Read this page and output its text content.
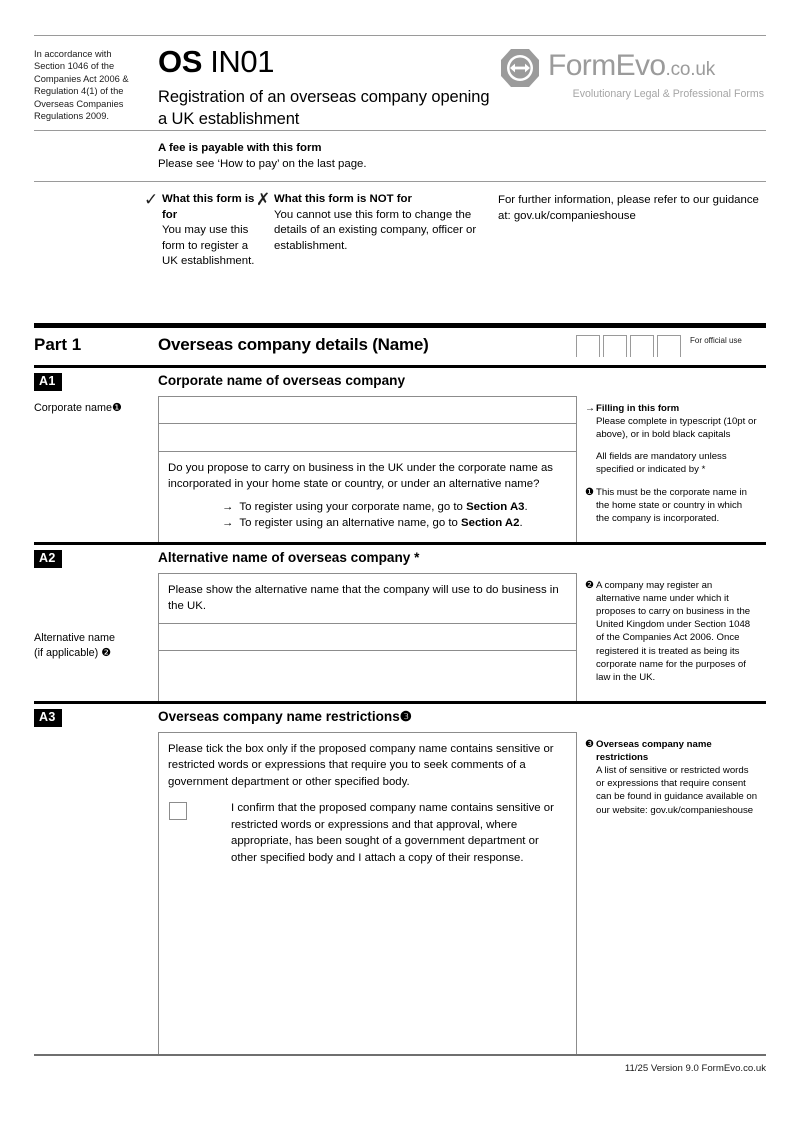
In accordance with Section 1046 of the Companies Act 2006 & Regulation 4(1) of the Overseas Companies Regulations 2009.
OS IN01
Registration of an overseas company opening a UK establishment
FormEvo.co.uk
Evolutionary Legal & Professional Forms
A fee is payable with this form
Please see ‘How to pay’ on the last page.
✓ What this form is for
You may use this form to register a UK establishment.
✗ What this form is NOT for
You cannot use this form to change the details of an existing company, officer or establishment.
For further information, please refer to our guidance at: gov.uk/companieshouse
Part 1	Overseas company details (Name)	For official use
A1	Corporate name of overseas company
Corporate name❶
Do you propose to carry on business in the UK under the corporate name as incorporated in your home state or country, or under an alternative name?
→ To register using your corporate name, go to Section A3.
→ To register using an alternative name, go to Section A2.
→ Filling in this form
Please complete in typescript (10pt or above), or in bold black capitals
All fields are mandatory unless specified or indicated by *
❶ This must be the corporate name in the home state or country in which the company is incorporated.
A2	Alternative name of overseas company *
Alternative name
(if applicable) ❷
Please show the alternative name that the company will use to do business in the UK.
❷ A company may register an alternative name under which it proposes to carry on business in the United Kingdom under Section 1048 of the Companies Act 2006. Once registered it is treated as being its corporate name for the purposes of law in the UK.
A3	Overseas company name restrictions❸
Please tick the box only if the proposed company name contains sensitive or restricted words or expressions that require you to seek comments of a government department or other specified body.
I confirm that the proposed company name contains sensitive or restricted words or expressions and that approval, where appropriate, has been sought of a government department or other specified body and I attach a copy of their response.
❸ Overseas company name restrictions
A list of sensitive or restricted words or expressions that require consent can be found in guidance available on our website: gov.uk/companieshouse
11/25 Version 9.0 FormEvo.co.uk
